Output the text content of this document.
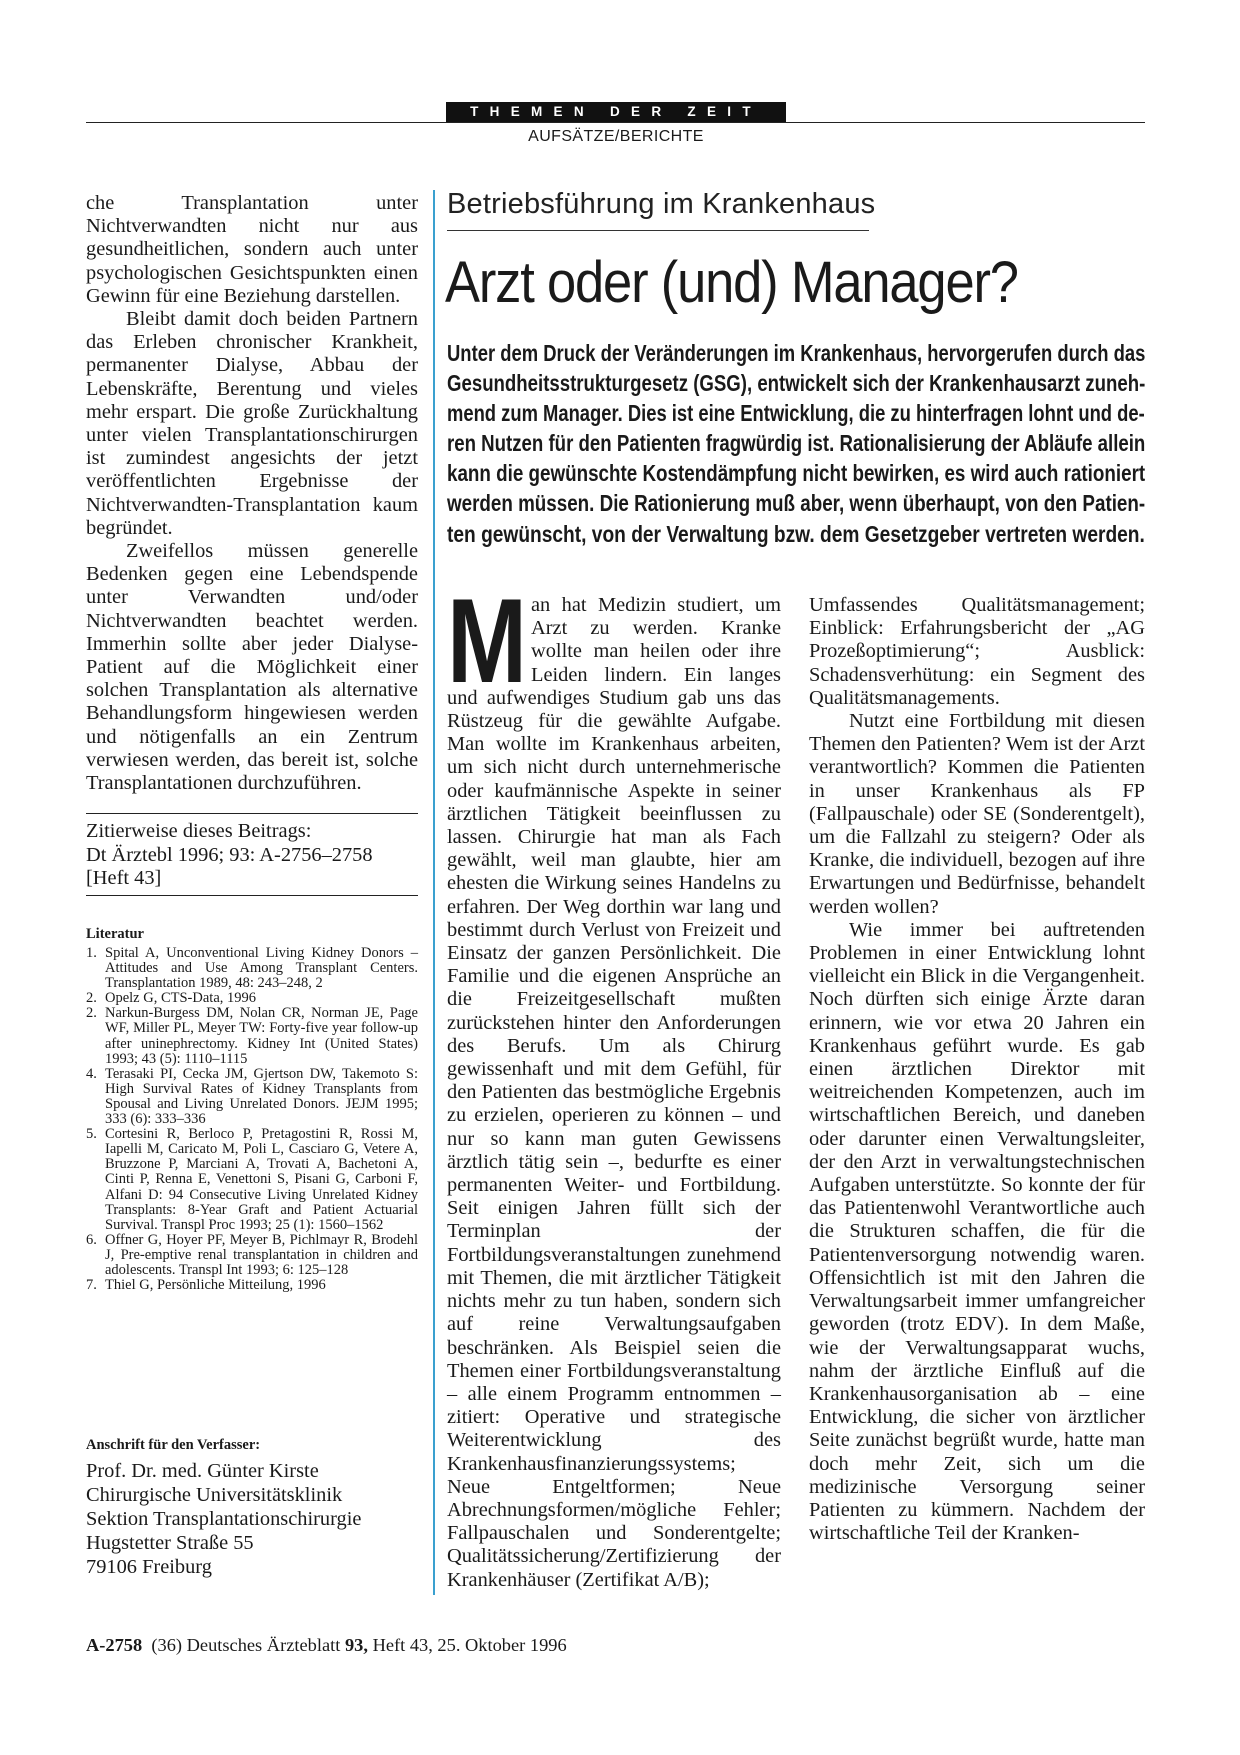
THEMEN DER ZEIT
AUFSÄTZE/BERICHTE

che Transplantation unter Nichtverwandten nicht nur aus gesundheitlichen, sondern auch unter psychologischen Gesichtspunkten einen Gewinn für eine Beziehung darstellen.

Bleibt damit doch beiden Partnern das Erleben chronischer Krankheit, permanenter Dialyse, Abbau der Lebenskräfte, Berentung und vieles mehr erspart. Die große Zurückhaltung unter vielen Transplantationschirurgen ist zumindest angesichts der jetzt veröffentlichten Ergebnisse der Nichtverwandten-Transplantation kaum begründet.

Zweifellos müssen generelle Bedenken gegen eine Lebendspende unter Verwandten und/oder Nichtverwandten beachtet werden. Immerhin sollte aber jeder Dialyse-Patient auf die Möglichkeit einer solchen Transplantation als alternative Behandlungsform hingewiesen werden und nötigenfalls an ein Zentrum verwiesen werden, das bereit ist, solche Transplantationen durchzuführen.

Zitierweise dieses Beitrags:
Dt Ärztebl 1996; 93: A-2756–2758
[Heft 43]
Literatur
1. Spital A, Unconventional Living Kidney Donors – Attitudes and Use Among Transplant Centers. Transplantation 1989, 48: 243–248, 2
2. Opelz G, CTS-Data, 1996
2. Narkun-Burgess DM, Nolan CR, Norman JE, Page WF, Miller PL, Meyer TW: Forty-five year follow-up after uninephrectomy. Kidney Int (United States) 1993; 43 (5): 1110–1115
4. Terasaki PI, Cecka JM, Gjertson DW, Takemoto S: High Survival Rates of Kidney Transplants from Spousal and Living Unrelated Donors. JEJM 1995; 333 (6): 333–336
5. Cortesini R, Berloco P, Pretagostini R, Rossi M, Iapelli M, Caricato M, Poli L, Casciaro G, Vetere A, Bruzzone P, Marciani A, Trovati A, Bachetoni A, Cinti P, Renna E, Venettoni S, Pisani G, Carboni F, Alfani D: 94 Consecutive Living Unrelated Kidney Transplants: 8-Year Graft and Patient Actuarial Survival. Transpl Proc 1993; 25 (1): 1560–1562
6. Offner G, Hoyer PF, Meyer B, Pichlmayr R, Brodehl J, Pre-emptive renal transplantation in children and adolescents. Transpl Int 1993; 6: 125–128
7. Thiel G, Persönliche Mitteilung, 1996
Anschrift für den Verfasser:
Prof. Dr. med. Günter Kirste
Chirurgische Universitätsklinik
Sektion Transplantationschirurgie
Hugstetter Straße 55
79106 Freiburg
Betriebsführung im Krankenhaus
Arzt oder (und) Manager?
Unter dem Druck der Veränderungen im Krankenhaus, hervorgerufen durch das
Gesundheitsstrukturgesetz (GSG), entwickelt sich der Krankenhausarzt zuneh-
mend zum Manager. Dies ist eine Entwicklung, die zu hinterfragen lohnt und de-
ren Nutzen für den Patienten fragwürdig ist. Rationalisierung der Abläufe allein
kann die gewünschte Kostendämpfung nicht bewirken, es wird auch rationiert
werden müssen. Die Rationierung muß aber, wenn überhaupt, von den Patien-
ten gewünscht, von der Verwaltung bzw. dem Gesetzgeber vertreten werden.

Man hat Medizin studiert, um Arzt zu werden. Kranke wollte man heilen oder ihre Leiden lindern. Ein langes und aufwendiges Studium gab uns das Rüstzeug für die gewählte Aufgabe. Man wollte im Krankenhaus arbeiten, um sich nicht durch unternehmerische oder kaufmännische Aspekte in seiner ärztlichen Tätigkeit beeinflussen zu lassen. Chirurgie hat man als Fach gewählt, weil man glaubte, hier am ehesten die Wirkung seines Handelns zu erfahren. Der Weg dorthin war lang und bestimmt durch Verlust von Freizeit und Einsatz der ganzen Persönlichkeit. Die Familie und die eigenen Ansprüche an die Freizeitgesellschaft mußten zurückstehen hinter den Anforderungen des Berufs. Um als Chirurg gewissenhaft und mit dem Gefühl, für den Patienten das bestmögliche Ergebnis zu erzielen, operieren zu können – und nur so kann man guten Gewissens ärztlich tätig sein –, bedurfte es einer permanenten Weiter- und Fortbildung. Seit einigen Jahren füllt sich der Terminplan der Fortbildungsveranstaltungen zunehmend mit Themen, die mit ärztlicher Tätigkeit nichts mehr zu tun haben, sondern sich auf reine Verwaltungsaufgaben beschränken. Als Beispiel seien die Themen einer Fortbildungsveranstaltung – alle einem Programm entnommen – zitiert: Operative und strategische Weiterentwicklung des Krankenhausfinanzierungssystems; Neue Entgeltformen; Neue Abrechnungsformen/mögliche Fehler; Fallpauschalen und Sonderentgelte; Qualitätssicherung/Zertifizierung der Krankenhäuser (Zertifikat A/B);

Umfassendes Qualitätsmanagement; Einblick: Erfahrungsbericht der „AG Prozeßoptimierung“; Ausblick: Schadensverhütung: ein Segment des Qualitätsmanagements.

Nutzt eine Fortbildung mit diesen Themen den Patienten? Wem ist der Arzt verantwortlich? Kommen die Patienten in unser Krankenhaus als FP (Fallpauschale) oder SE (Sonderentgelt), um die Fallzahl zu steigern? Oder als Kranke, die individuell, bezogen auf ihre Erwartungen und Bedürfnisse, behandelt werden wollen?

Wie immer bei auftretenden Problemen in einer Entwicklung lohnt vielleicht ein Blick in die Vergangenheit. Noch dürften sich einige Ärzte daran erinnern, wie vor etwa 20 Jahren ein Krankenhaus geführt wurde. Es gab einen ärztlichen Direktor mit weitreichenden Kompetenzen, auch im wirtschaftlichen Bereich, und daneben oder darunter einen Verwaltungsleiter, der den Arzt in verwaltungstechnischen Aufgaben unterstützte. So konnte der für das Patientenwohl Verantwortliche auch die Strukturen schaffen, die für die Patientenversorgung notwendig waren. Offensichtlich ist mit den Jahren die Verwaltungsarbeit immer umfangreicher geworden (trotz EDV). In dem Maße, wie der Verwaltungsapparat wuchs, nahm der ärztliche Einfluß auf die Krankenhausorganisation ab – eine Entwicklung, die sicher von ärztlicher Seite zunächst begrüßt wurde, hatte man doch mehr Zeit, sich um die medizinische Versorgung seiner Patienten zu kümmern. Nachdem der wirtschaftliche Teil der Kranken-

A-2758 (36) Deutsches Ärzteblatt 93, Heft 43, 25. Oktober 1996
